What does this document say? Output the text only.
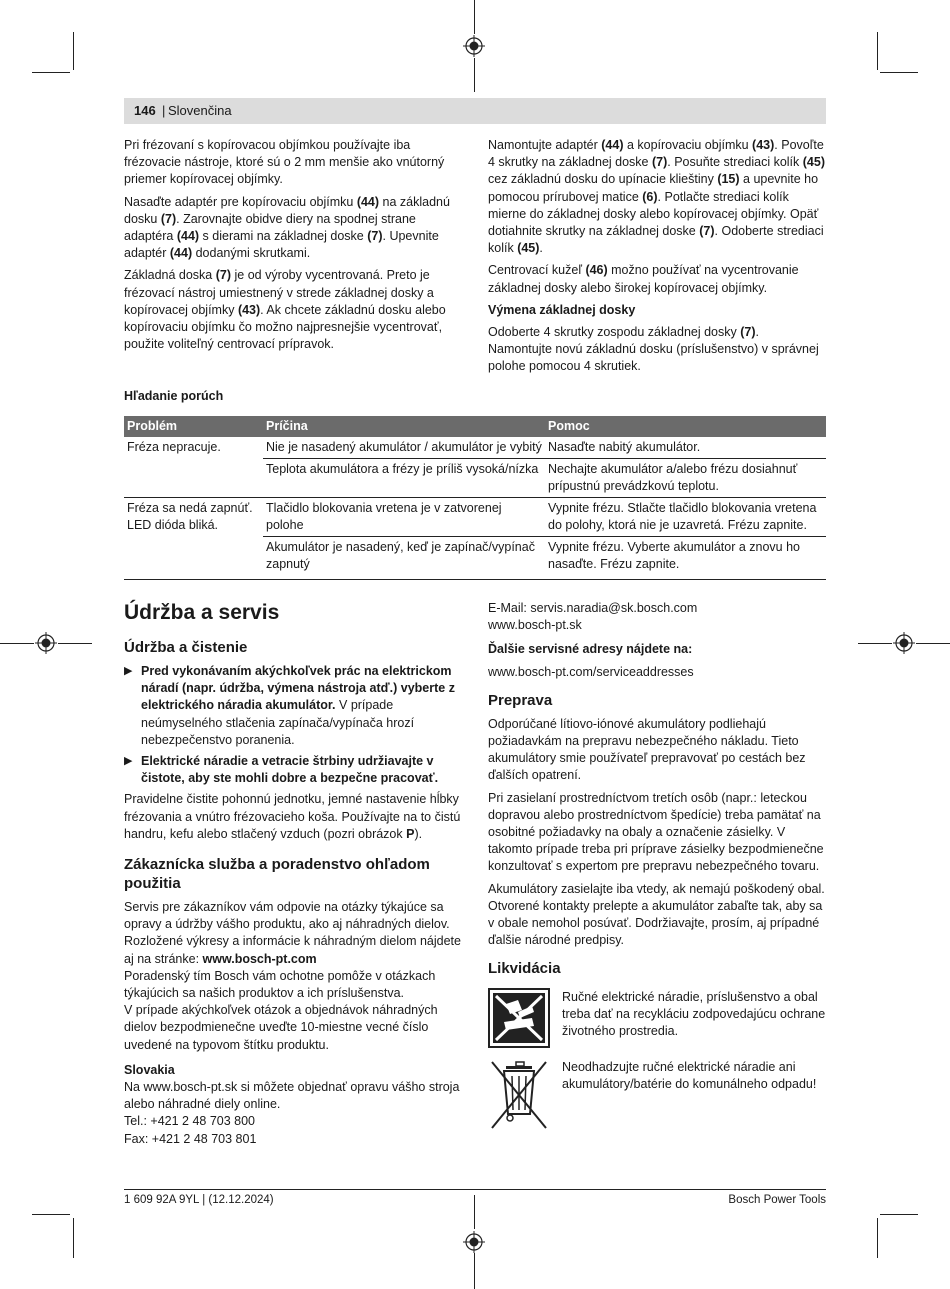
146 | Slovenčina

Pri frézovaní s kopírovacou objímkou používajte iba frézovacie nástroje, ktoré sú o 2 mm menšie ako vnútorný priemer kopírovacej objímky.

Nasaďte adaptér pre kopírovaciu objímku (44) na základnú dosku (7). Zarovnajte obidve diery na spodnej strane adaptéra (44) s dierami na základnej doske (7). Upevnite adaptér (44) dodanými skrutkami.

Základná doska (7) je od výroby vycentrovaná. Preto je frézovací nástroj umiestnený v strede základnej dosky a kopírovacej objímky (43). Ak chcete základnú dosku alebo kopírovaciu objímku čo možno najpresnejšie vycentrovať, použite voliteľný centrovací prípravok.

Namontujte adaptér (44) a kopírovaciu objímku (43). Povoľte 4 skrutky na základnej doske (7). Posuňte strediaci kolík (45) cez základnú dosku do upínacie klieštiny (15) a upevnite ho pomocou prírubovej matice (6). Potlačte strediaci kolík mierne do základnej dosky alebo kopírovacej objímky. Opäť dotiahnite skrutky na základnej doske (7). Odoberte strediaci kolík (45).

Centrovací kužeľ (46) možno používať na vycentrovanie základnej dosky alebo širokej kopírovacej objímky.

Výmena základnej dosky

Odoberte 4 skrutky zospodu základnej dosky (7). Namontujte novú základnú dosku (príslušenstvo) v správnej polohe pomocou 4 skrutiek.

Hľadanie porúch
Problém	Príčina	Pomoc
Fréza nepracuje.	Nie je nasadený akumulátor / akumulátor je vybitý	Nasaďte nabitý akumulátor.
	Teplota akumulátora a frézy je príliš vysoká/nízka	Nechajte akumulátor a/alebo frézu dosiahnuť prípustnú prevádzkovú teplotu.
Fréza sa nedá zapnúť. LED dióda bliká.	Tlačidlo blokovania vretena je v zatvorenej polohe	Vypnite frézu. Stlačte tlačidlo blokovania vretena do polohy, ktorá nie je uzavretá. Frézu zapnite.
	Akumulátor je nasadený, keď je zapínač/vypínač zapnutý	Vypnite frézu. Vyberte akumulátor a znovu ho nasaďte. Frézu zapnite.
Údržba a servis
Údržba a čistenie
▶ Pred vykonávaním akýchkoľvek prác na elektrickom náradí (napr. údržba, výmena nástroja atď.) vyberte z elektrického náradia akumulátor. V prípade neúmyselného stlačenia zapínača/vypínača hrozí nebezpečenstvo poranenia.
▶ Elektrické náradie a vetracie štrbiny udržiavajte v čistote, aby ste mohli dobre a bezpečne pracovať.

Pravidelne čistite pohonnú jednotku, jemné nastavenie hĺbky frézovania a vnútro frézovacieho koša. Používajte na to čistú handru, kefu alebo stlačený vzduch (pozri obrázok P).

Zákaznícka služba a poradenstvo ohľadom použitia

Servis pre zákazníkov vám odpovie na otázky týkajúce sa opravy a údržby vášho produktu, ako aj náhradných dielov. Rozložené výkresy a informácie k náhradným dielom nájdete aj na stránke: www.bosch-pt.com

Poradenský tím Bosch vám ochotne pomôže v otázkach týkajúcich sa našich produktov a ich príslušenstva.

V prípade akýchkoľvek otázok a objednávok náhradných dielov bezpodmienečne uveďte 10-miestne vecné číslo uvedené na typovom štítku produktu.

Slovakia
Na www.bosch-pt.sk si môžete objednať opravu vášho stroja alebo náhradné diely online.
Tel.: +421 2 48 703 800
Fax: +421 2 48 703 801
E-Mail: servis.naradia@sk.bosch.com
www.bosch-pt.sk
Ďalšie servisné adresy nájdete na:
www.bosch-pt.com/serviceaddresses
Preprava

Odporúčané lítiovo-iónové akumulátory podliehajú požiadavkám na prepravu nebezpečného nákladu. Tieto akumulátory smie používateľ prepravovať po cestách bez ďalších opatrení.

Pri zasielaní prostredníctvom tretích osôb (napr.: leteckou dopravou alebo prostredníctvom špedície) treba pamätať na osobitné požiadavky na obaly a označenie zásielky. V takomto prípade treba pri príprave zásielky bezpodmienečne konzultovať s expertom pre prepravu nebezpečného tovaru.

Akumulátory zasielajte iba vtedy, ak nemajú poškodený obal. Otvorené kontakty prelepte a akumulátor zabaľte tak, aby sa v obale nemohol posúvať. Dodržiavajte, prosím, aj prípadné ďalšie národné predpisy.

Likvidácia
Ručné elektrické náradie, príslušenstvo a obal treba dať na recykláciu zodpovedajúcu ochrane životného prostredia.
Neodhadzujte ručné elektrické náradie ani akumulátory/batérie do komunálneho odpadu!
1 609 92A 9YL | (12.12.2024)	Bosch Power Tools
